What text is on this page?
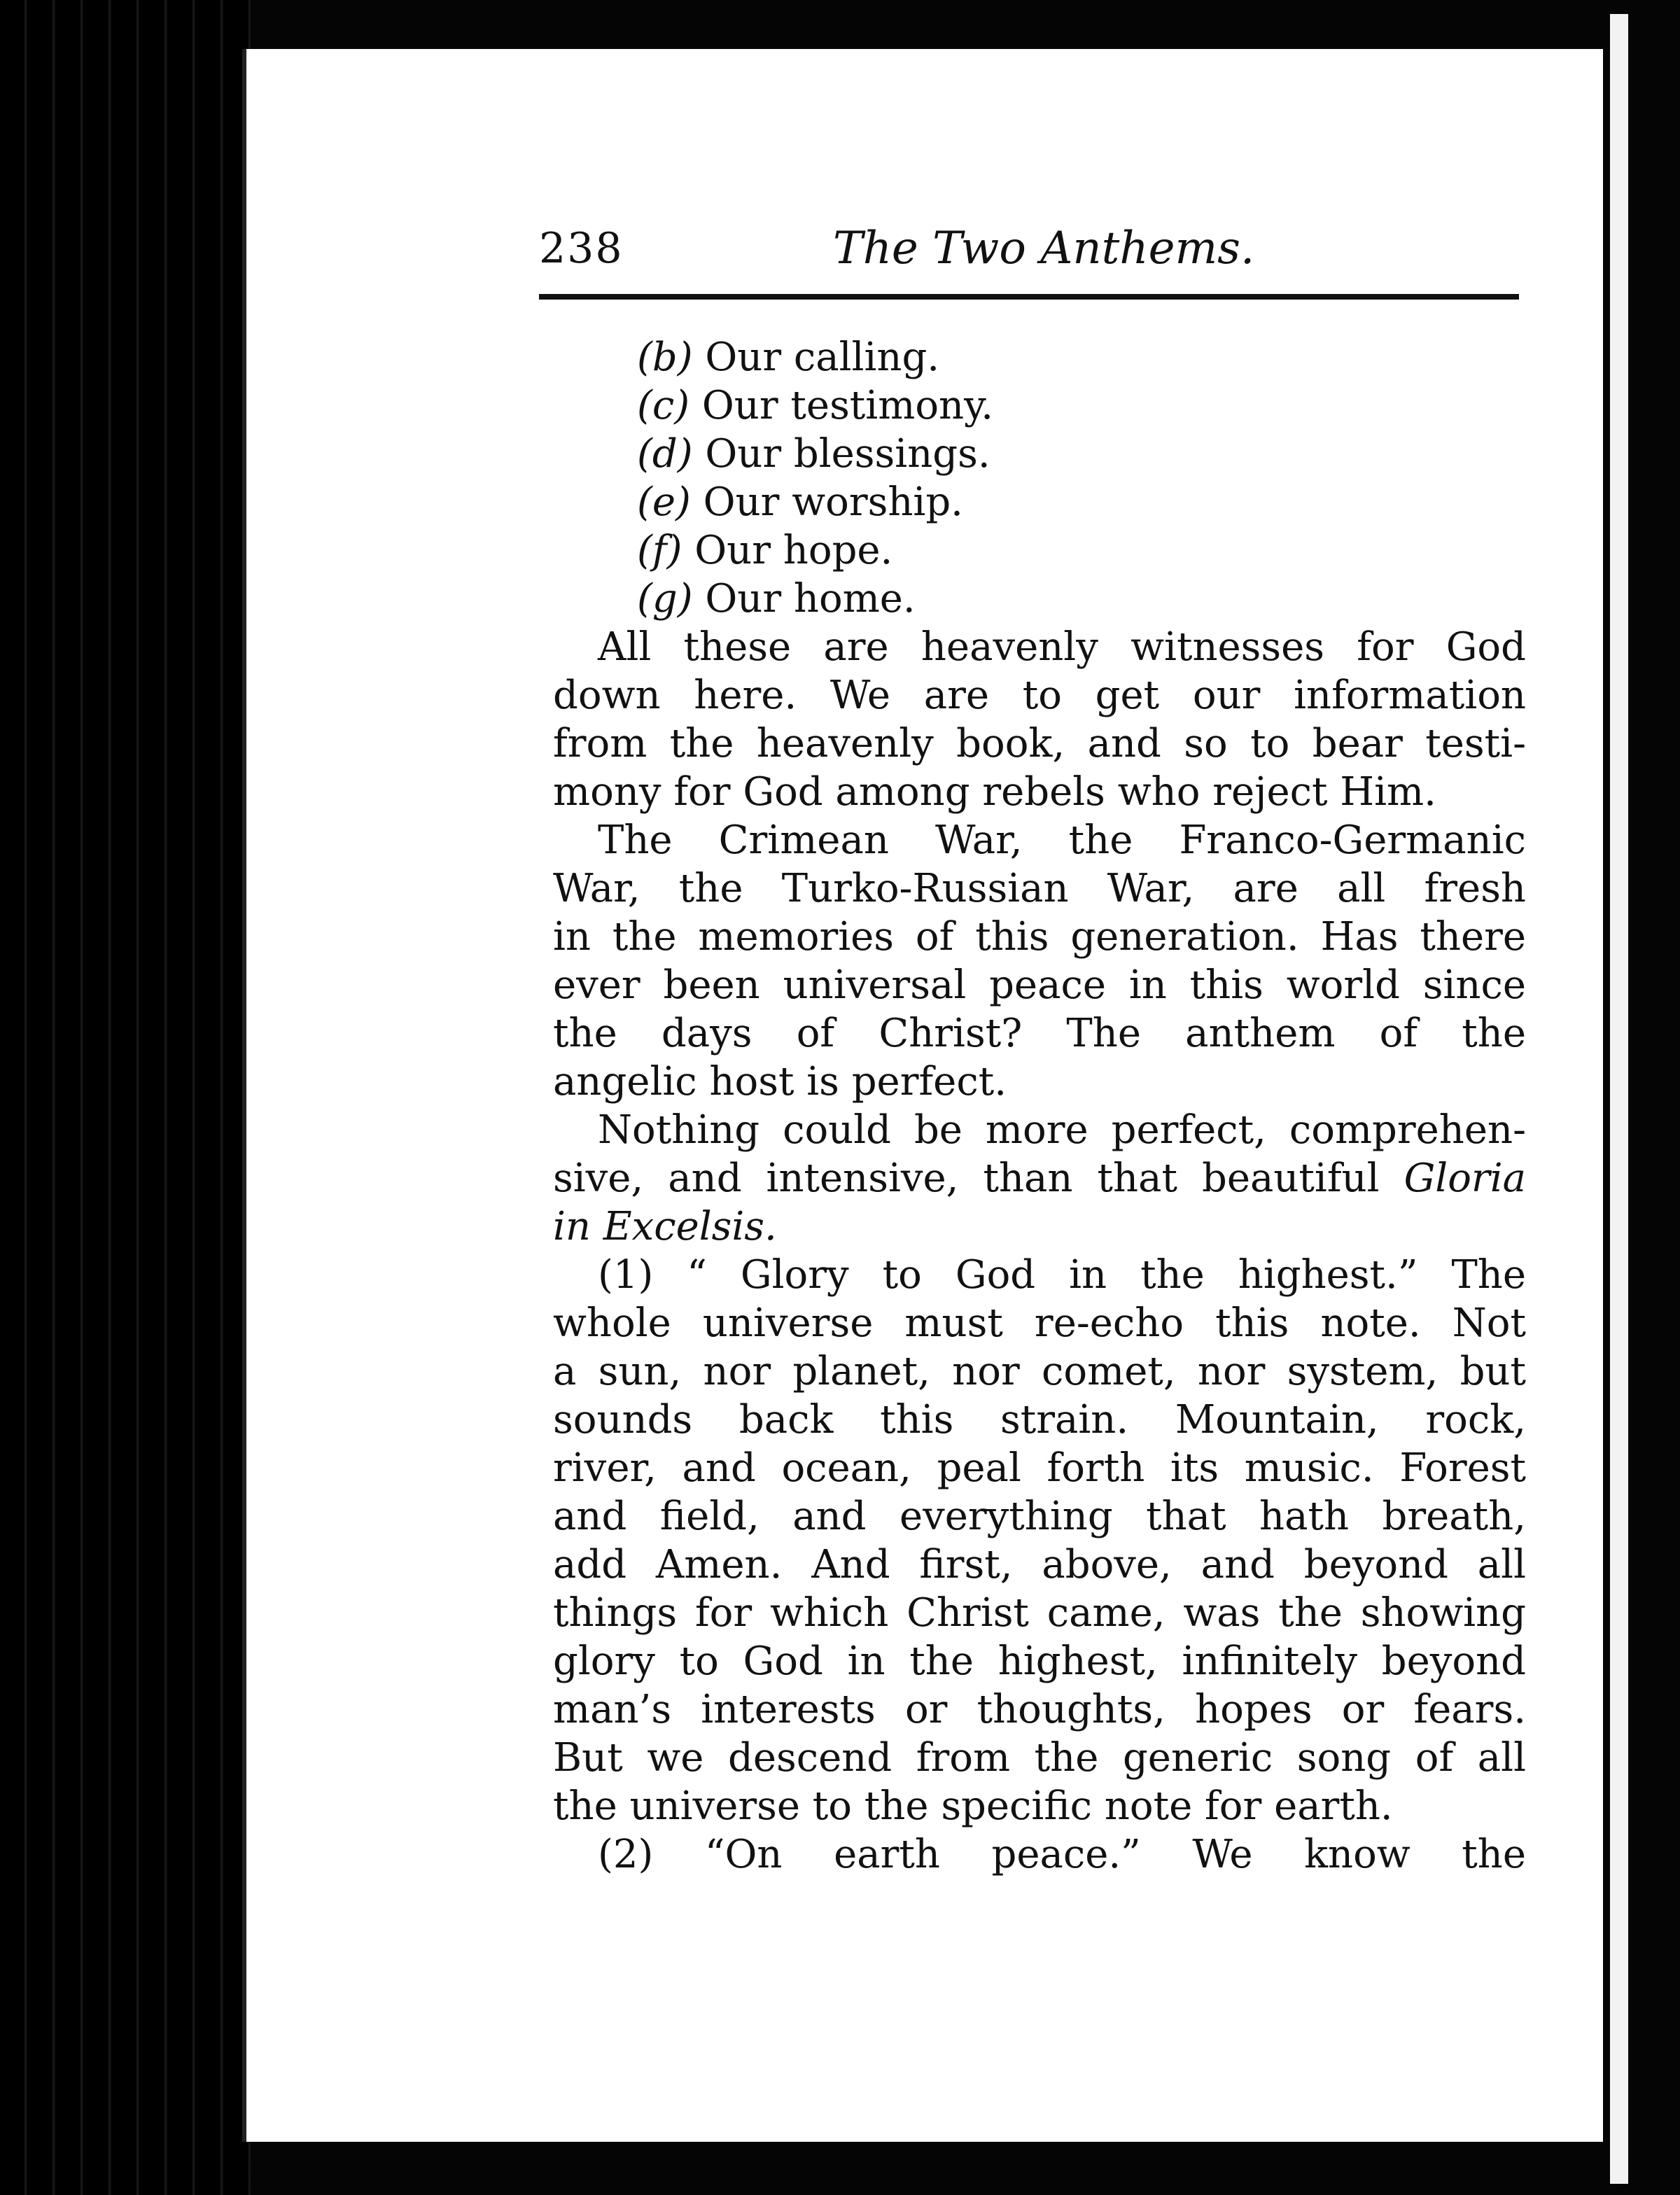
238	The Two Anthems.
(b) Our calling.
(c) Our testimony.
(d) Our blessings.
(e) Our worship.
(f) Our hope.
(g) Our home.
All these are heavenly witnesses for God
down here. We are to get our information
from the heavenly book, and so to bear testi-
mony for God among rebels who reject Him.
The Crimean War, the Franco-Germanic
War, the Turko-Russian War, are all fresh
in the memories of this generation. Has there
ever been universal peace in this world since
the days of Christ? The anthem of the
angelic host is perfect.
Nothing could be more perfect, comprehen-
sive, and intensive, than that beautiful Gloria
in Excelsis.
(1) “ Glory to God in the highest.” The
whole universe must re-echo this note. Not
a sun, nor planet, nor comet, nor system, but
sounds back this strain. Mountain, rock,
river, and ocean, peal forth its music. Forest
and field, and everything that hath breath,
add Amen. And first, above, and beyond all
things for which Christ came, was the showing
glory to God in the highest, infinitely beyond
man’s interests or thoughts, hopes or fears.
But we descend from the generic song of all
the universe to the specific note for earth.
(2) “On earth peace.” We know the
